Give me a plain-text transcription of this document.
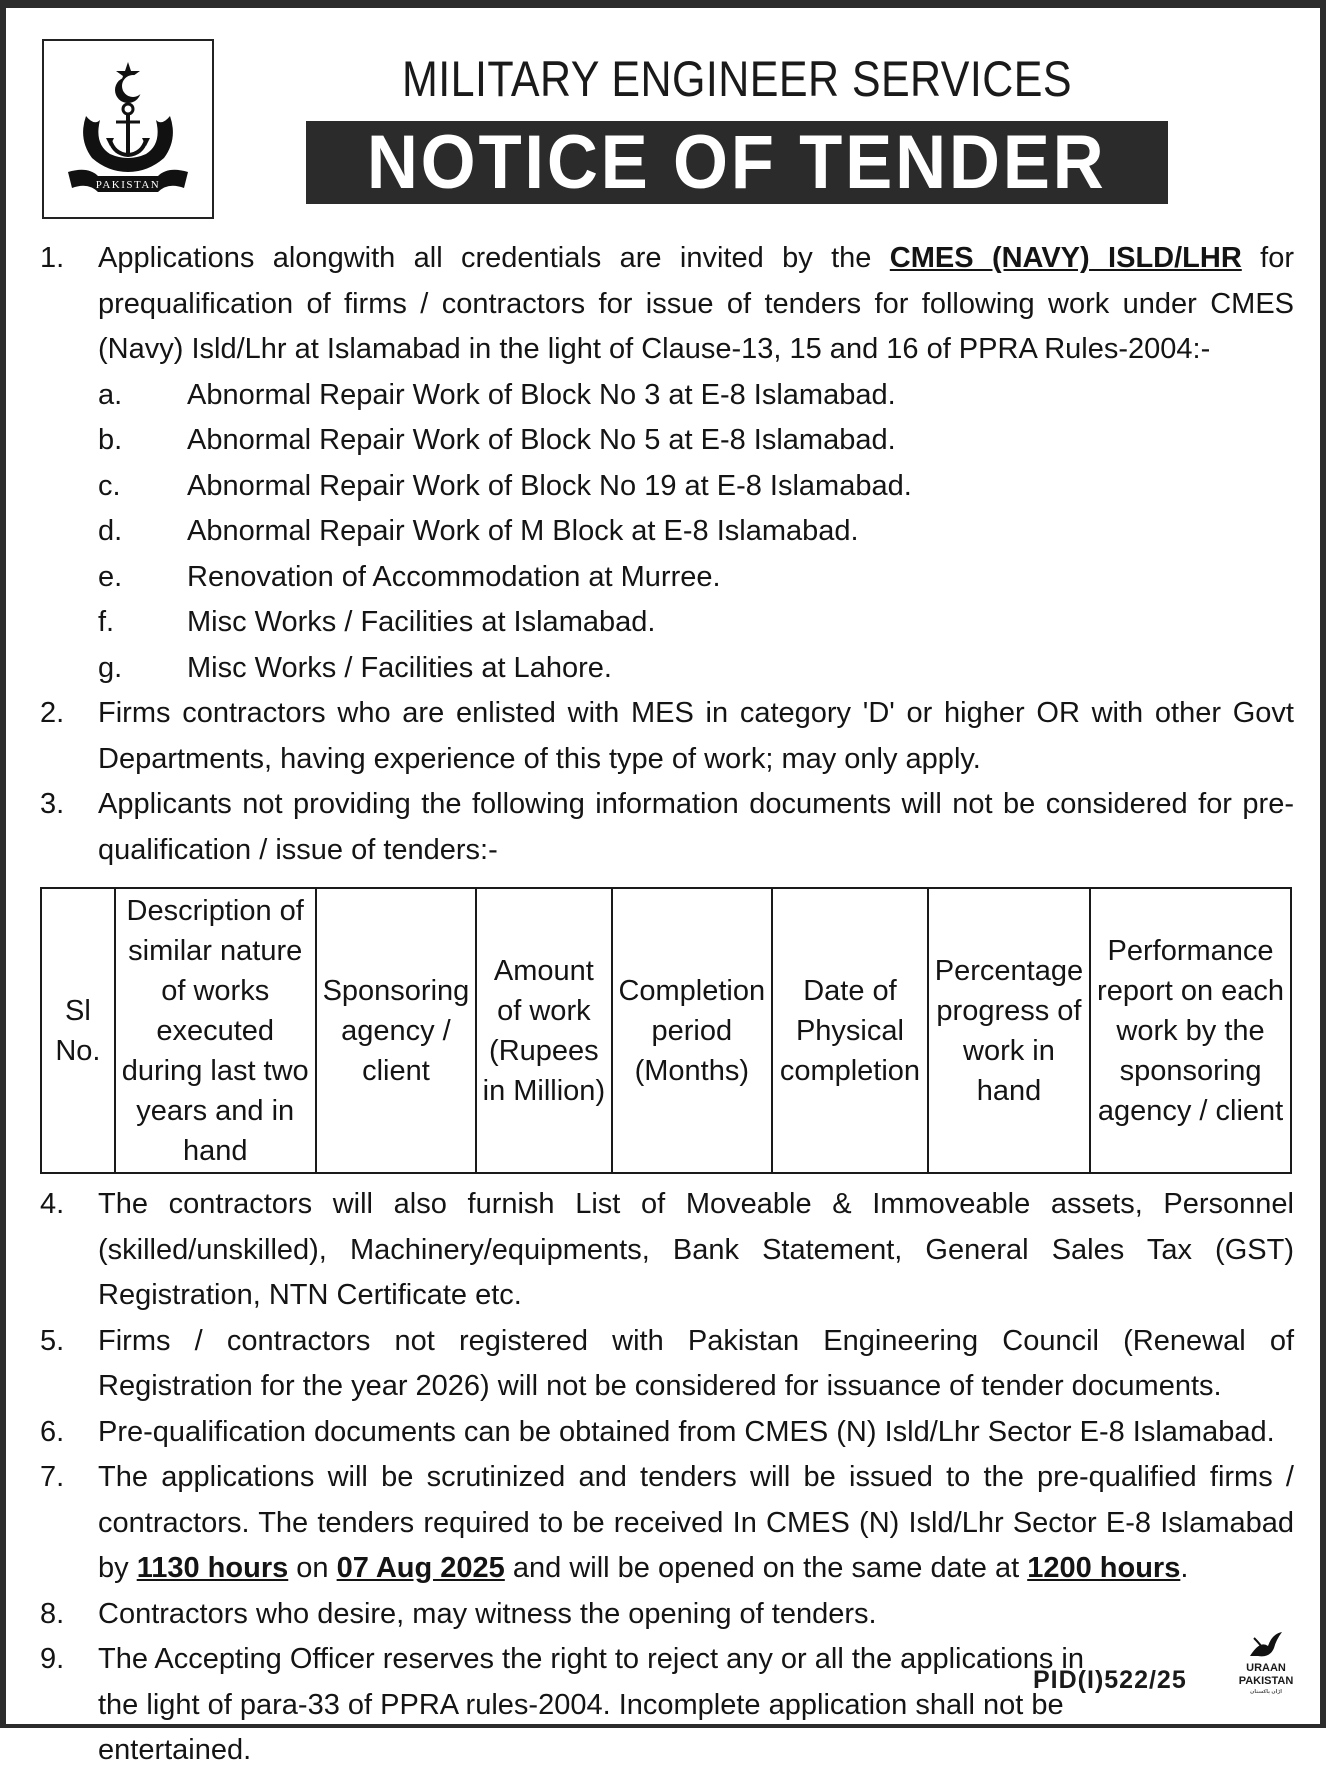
PAKISTAN
MILITARY ENGINEER SERVICES
NOTICE OF TENDER
1.	Applications alongwith all credentials are invited by the CMES (NAVY) ISLD/LHR for prequalification of firms / contractors for issue of tenders for following work under CMES (Navy) Isld/Lhr at Islamabad in the light of Clause-13, 15 and 16 of PPRA Rules-2004:-
a.	Abnormal Repair Work of Block No 3 at E-8 Islamabad.
b.	Abnormal Repair Work of Block No 5 at E-8 Islamabad.
c.	Abnormal Repair Work of Block No 19 at E-8 Islamabad.
d.	Abnormal Repair Work of M Block at E-8 Islamabad.
e.	Renovation of Accommodation at Murree.
f.	Misc Works / Facilities at Islamabad.
g.	Misc Works / Facilities at Lahore.
2.	Firms contractors who are enlisted with MES in category 'D' or higher OR with other Govt Departments, having experience of this type of work; may only apply.
3.	Applicants not providing the following information documents will not be considered for pre-qualification / issue of tenders:-
Sl No.	Description of similar nature of works executed during last two years and in hand	Sponsoring agency / client	Amount of work (Rupees in Million)	Completion period (Months)	Date of Physical completion	Percentage progress of work in hand	Performance report on each work by the sponsoring agency / client
4.	The contractors will also furnish List of Moveable & Immoveable assets, Personnel (skilled/unskilled), Machinery/equipments, Bank Statement, General Sales Tax (GST) Registration, NTN Certificate etc.
5.	Firms / contractors not registered with Pakistan Engineering Council (Renewal of Registration for the year 2026) will not be considered for issuance of tender documents.
6.	Pre-qualification documents can be obtained from CMES (N) Isld/Lhr Sector E-8 Islamabad.
7.	The applications will be scrutinized and tenders will be issued to the pre-qualified firms / contractors. The tenders required to be received In CMES (N) Isld/Lhr Sector E-8 Islamabad by 1130 hours on 07 Aug 2025 and will be opened on the same date at 1200 hours.
8.	Contractors who desire, may witness the opening of tenders.
9.	The Accepting Officer reserves the right to reject any or all the applications in the light of para-33 of PPRA rules-2004. Incomplete application shall not be entertained.
PID(I)522/25	URAAN
PAKISTAN
اڑان پاکستان
